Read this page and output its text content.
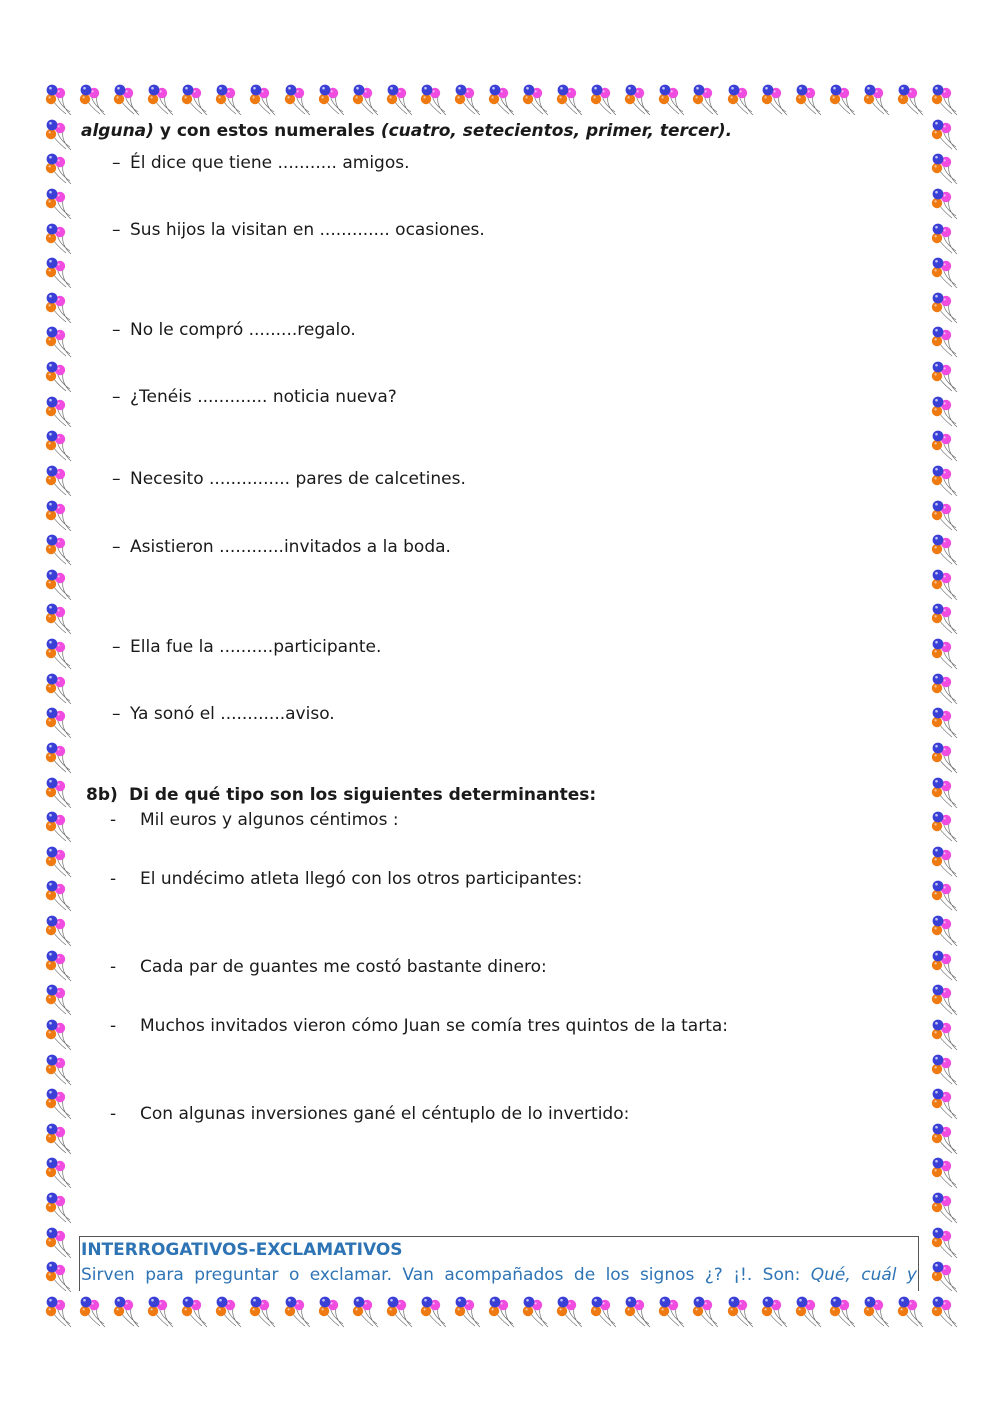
alguna) y con estos numerales (cuatro, setecientos, primer, tercer).
– Él dice que tiene ........... amigos.
– Sus hijos la visitan en ............. ocasiones.
– No le compró .........regalo.
– ¿Tenéis ............. noticia nueva?
– Necesito ............... pares de calcetines.
– Asistieron ............invitados a la boda.
– Ella fue la ..........participante.
– Ya sonó el ............aviso.
8b) Di de qué tipo son los siguientes determinantes:
- Mil euros y algunos céntimos :
- El undécimo atleta llegó con los otros participantes:
- Cada par de guantes me costó bastante dinero:
- Muchos invitados vieron cómo Juan se comía tres quintos de la tarta:
- Con algunas inversiones gané el céntuplo de lo invertido:
INTERROGATIVOS-EXCLAMATIVOS
Sirven para preguntar o exclamar. Van acompañados de los signos ¿? ¡!. Son: Qué, cuál y
